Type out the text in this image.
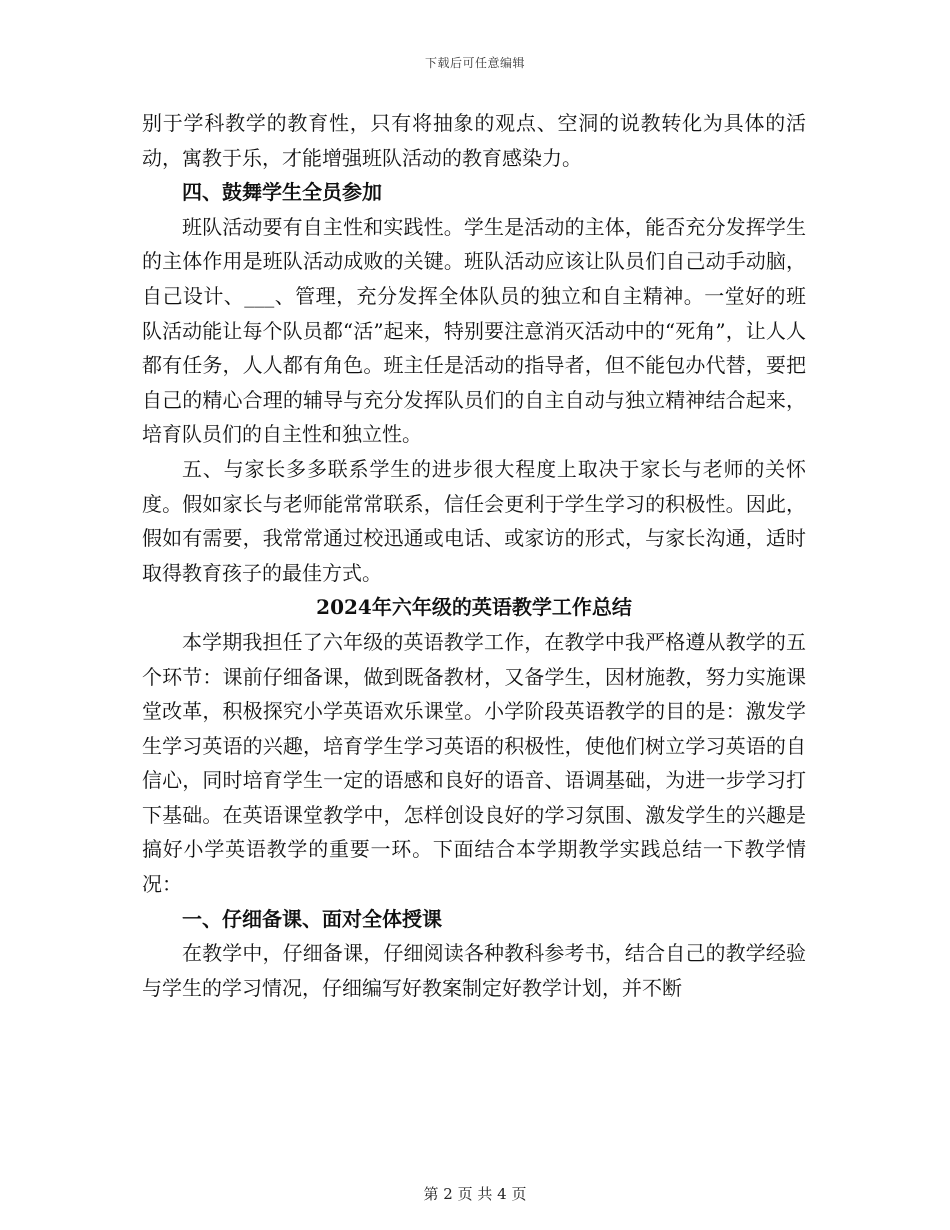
下载后可任意编辑

别于学科教学的教育性，只有将抽象的观点、空洞的说教转化为具体的活动，寓教于乐，才能增强班队活动的教育感染力。

四、鼓舞学生全员参加

班队活动要有自主性和实践性。学生是活动的主体，能否充分发挥学生的主体作用是班队活动成败的关键。班队活动应该让队员们自己动手动脑，自己设计、___、管理，充分发挥全体队员的独立和自主精神。一堂好的班队活动能让每个队员都“活”起来，特别要注意消灭活动中的“死角”，让人人都有任务，人人都有角色。班主任是活动的指导者，但不能包办代替，要把自己的精心合理的辅导与充分发挥队员们的自主自动与独立精神结合起来，培育队员们的自主性和独立性。

五、与家长多多联系学生的进步很大程度上取决于家长与老师的关怀度。假如家长与老师能常常联系，信任会更利于学生学习的积极性。因此，假如有需要，我常常通过校迅通或电话、或家访的形式，与家长沟通，适时取得教育孩子的最佳方式。

2024年六年级的英语教学工作总结

本学期我担任了六年级的英语教学工作，在教学中我严格遵从教学的五个环节：课前仔细备课，做到既备教材，又备学生，因材施教，努力实施课堂改革，积极探究小学英语欢乐课堂。小学阶段英语教学的目的是：激发学生学习英语的兴趣，培育学生学习英语的积极性，使他们树立学习英语的自信心，同时培育学生一定的语感和良好的语音、语调基础，为进一步学习打下基础。在英语课堂教学中，怎样创设良好的学习氛围、激发学生的兴趣是搞好小学英语教学的重要一环。下面结合本学期教学实践总结一下教学情况：

一、仔细备课、面对全体授课

在教学中，仔细备课，仔细阅读各种教科参考书，结合自己的教学经验与学生的学习情况，仔细编写好教案制定好教学计划，并不断

第 2 页 共 4 页
